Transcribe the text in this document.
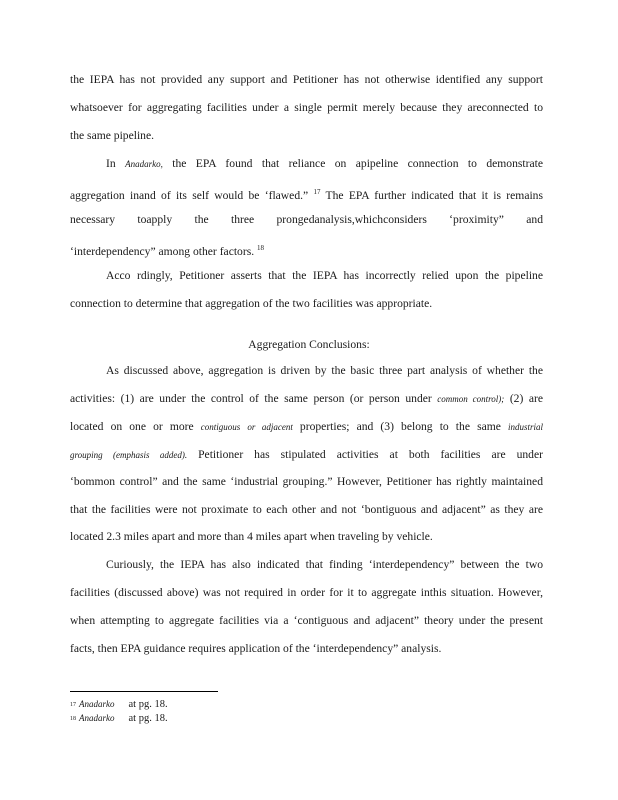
the IEPA has not provided any support and Petitioner has not otherwise identified any support
whatsoever for aggregating facilities under a single permit merely because they areconnected to
the same pipeline.
In Anadarko, the EPA found that reliance on apipeline connection to demonstrate
aggregation inand of its self would be ‘flawed.” $^{17}$ The EPA further indicated that it is remains
necessary toapply the three prongedanalysis,whichconsiders ‘proximity” and
‘interdependency” among other factors. $^{18}$
Acco rdingly, Petitioner asserts that the IEPA has incorrectly relied upon the pipeline
connection to determine that aggregation of the two facilities was appropriate.
Aggregation Conclusions:
As discussed above, aggregation is driven by the basic three part analysis of whether the
activities: (1) are under the control of the same person (or person under common control); (2) are
located on one or more contiguous or adjacent properties; and (3) belong to the same industrial
grouping (emphasis added). Petitioner has stipulated activities at both facilities are under
‘bommon control” and the same ‘industrial grouping.” However, Petitioner has rightly maintained
that the facilities were not proximate to each other and not ‘bontiguous and adjacent” as they are
located 2.3 miles apart and more than 4 miles apart when traveling by vehicle.
Curiously, the IEPA has also indicated that finding ‘interdependency” between the two
facilities (discussed above) was not required in order for it to aggregate inthis situation. However,
when attempting to aggregate facilities via a ‘contiguous and adjacent” theory under the present
facts, then EPA guidance requires application of the ‘interdependency” analysis.
17 Anadarko at pg. 18.
18 Anadarko at pg. 18.
